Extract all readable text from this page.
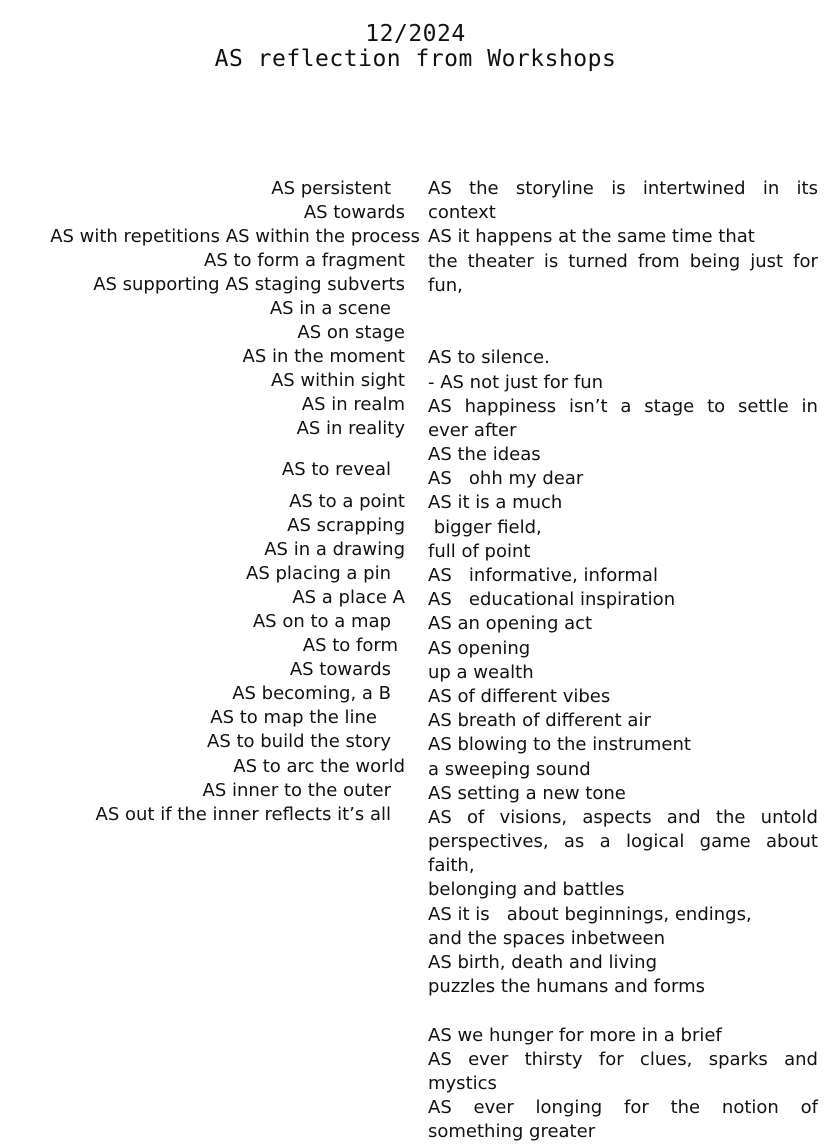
12/2024
AS reflection from Workshops
AS persistent
AS towards
AS with repetitions AS within the process
AS to form a fragment
AS supporting AS staging subverts
AS in a scene
AS on stage
AS in the moment
AS within sight
AS in realm
AS in reality
AS to reveal
AS to a point
AS scrapping
AS in a drawing
AS placing a pin
AS a place A
AS on to a map
AS to form
AS towards
AS becoming, a B
AS to map the line
AS to build the story
AS to arc the world
AS inner to the outer
AS out if the inner reflects it’s all
AS the storyline is intertwined in its
context
AS it happens at the same time that
the theater is turned from being just for
fun,
AS to silence.
- AS not just for fun
AS happiness isn’t a stage to settle in
ever after
AS the ideas
AS   ohh my dear
AS it is a much
bigger field,
full of point
AS   informative, informal
AS   educational inspiration
AS an opening act
AS opening
up a wealth
AS of different vibes
AS breath of different air
AS blowing to the instrument
a sweeping sound
AS setting a new tone
AS of visions, aspects and the untold
perspectives, as a logical game about
faith,
belonging and battles
AS it is   about beginnings, endings,
and the spaces inbetween
AS birth, death and living
puzzles the humans and forms
AS we hunger for more in a brief
AS ever thirsty for clues, sparks and
mystics
AS ever longing for the notion of
something greater
